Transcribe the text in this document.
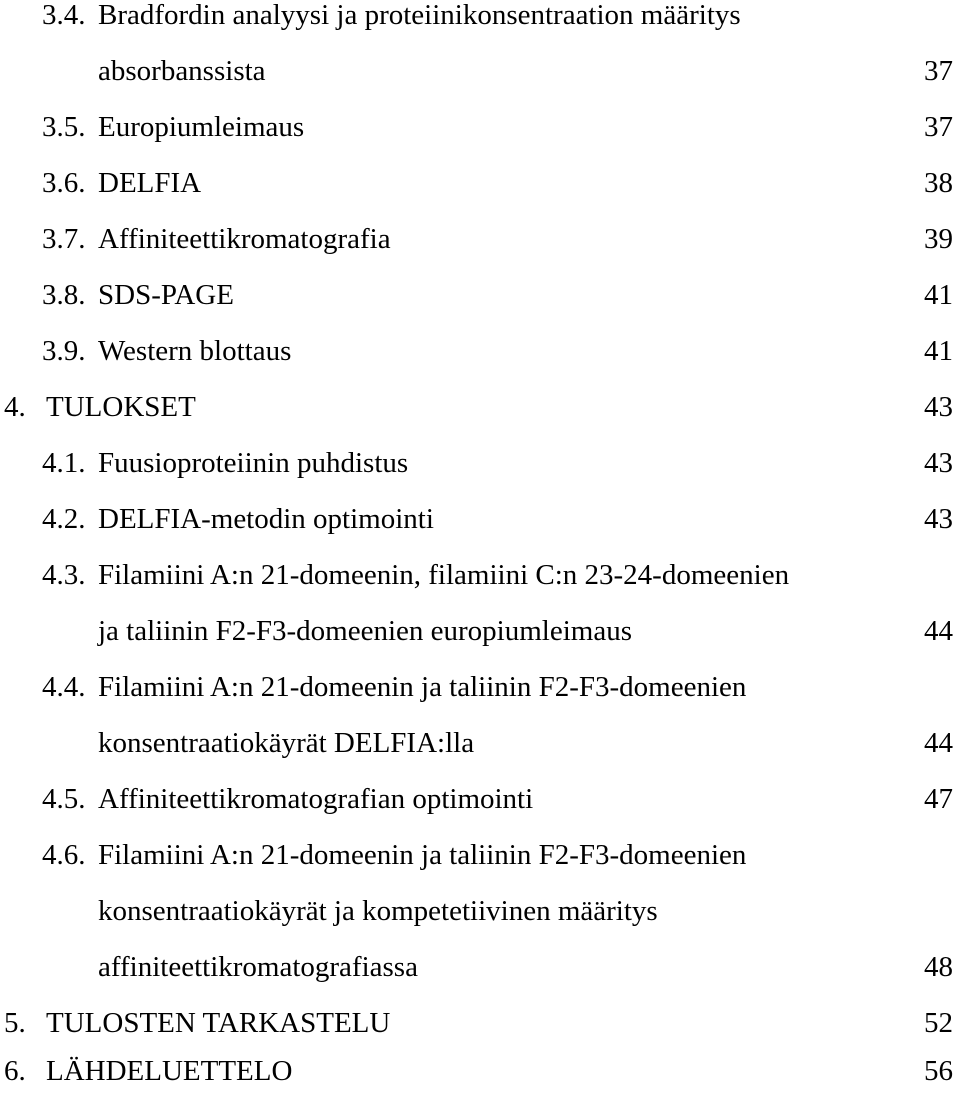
3.4. Bradfordin analyysi ja proteiinikonsentraation määritys
absorbanssista	37
3.5. Europiumleimaus	37
3.6. DELFIA	38
3.7. Affiniteettikromatografia	39
3.8. SDS-PAGE	41
3.9. Western blottaus	41
4. TULOKSET	43
4.1. Fuusioproteiinin puhdistus	43
4.2. DELFIA-metodin optimointi	43
4.3. Filamiini A:n 21-domeenin, filamiini C:n 23-24-domeenien
ja taliinin F2-F3-domeenien europiumleimaus	44
4.4. Filamiini A:n 21-domeenin ja taliinin F2-F3-domeenien
konsentraatiokäyrät DELFIA:lla	44
4.5. Affiniteettikromatografian optimointi	47
4.6. Filamiini A:n 21-domeenin ja taliinin F2-F3-domeenien
konsentraatiokäyrät ja kompetetiivinen määritys
affiniteettikromatografiassa	48
5. TULOSTEN TARKASTELU	52
6. LÄHDELUETTELO	56
